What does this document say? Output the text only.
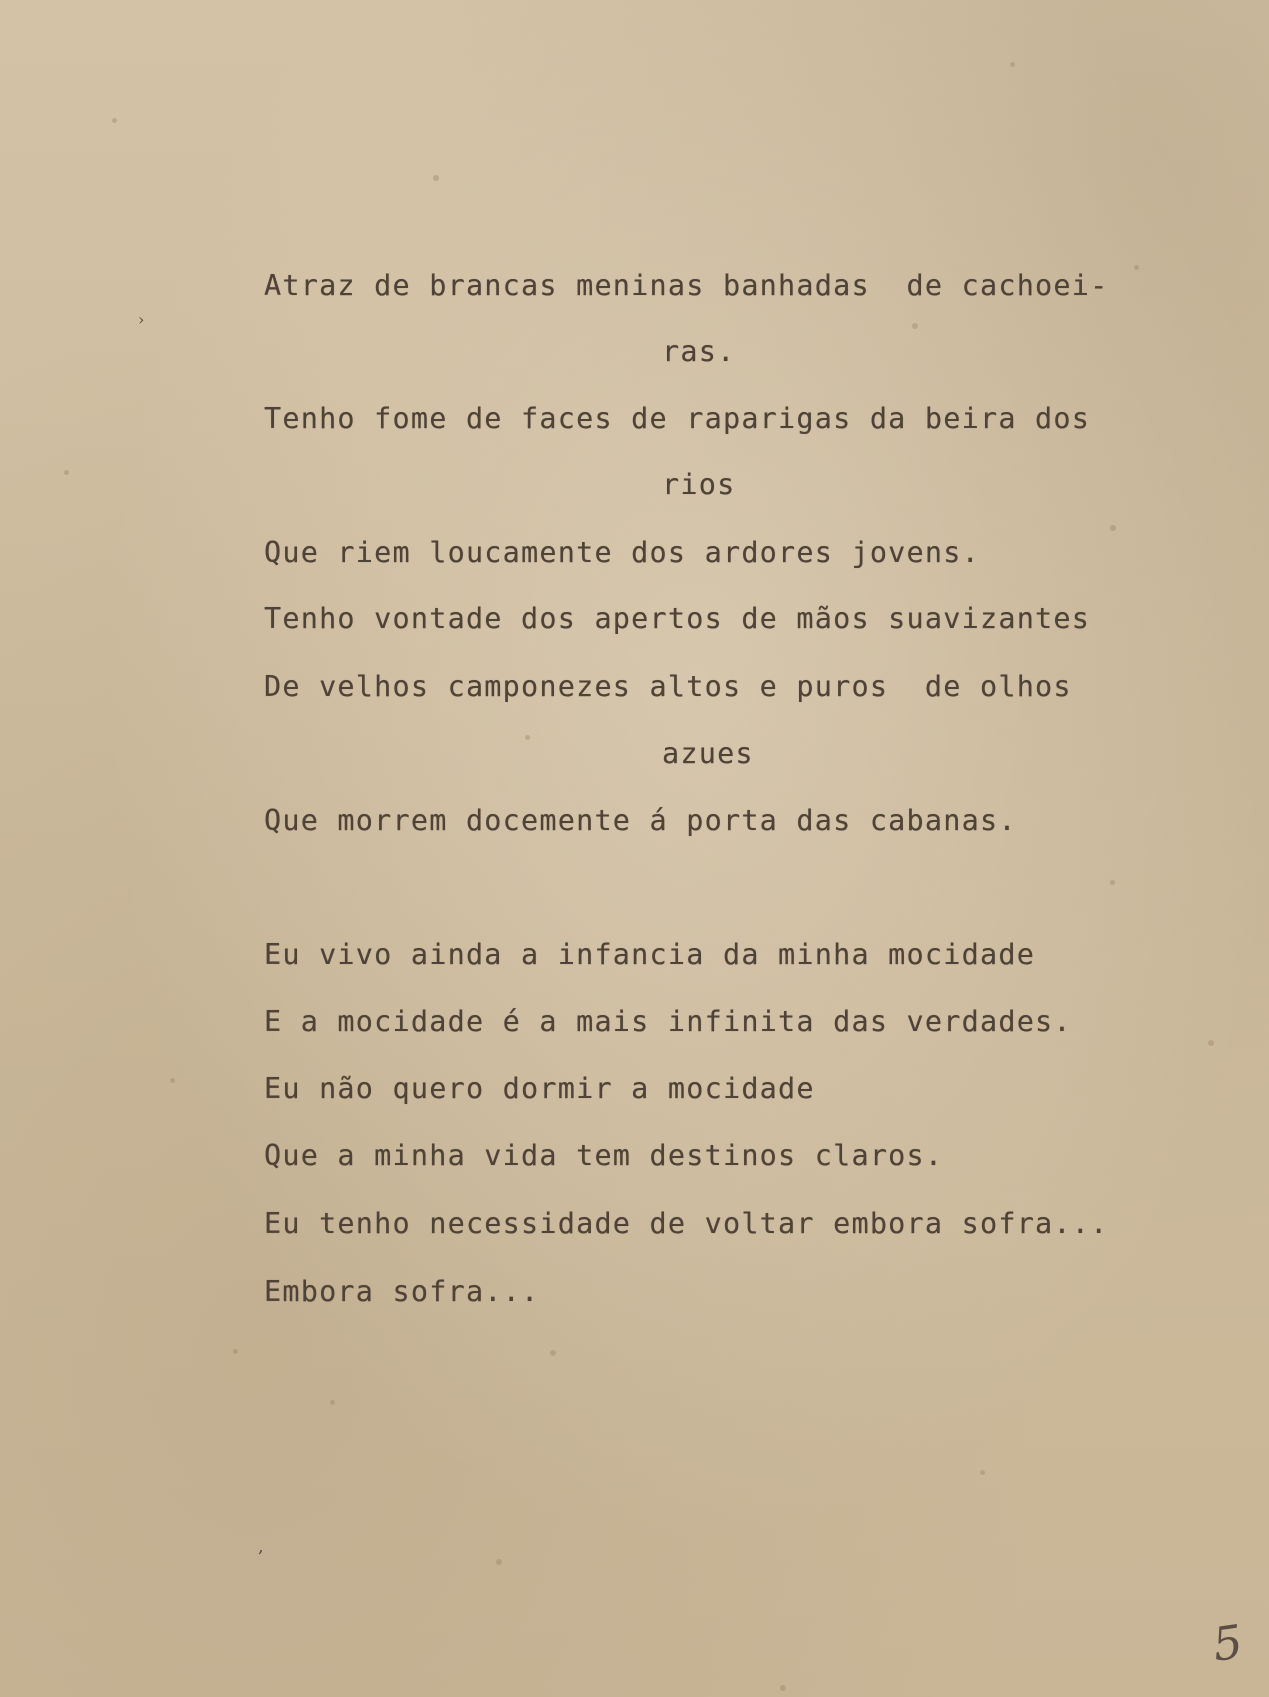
›
,
Atraz de brancas meninas banhadas  de cachoei-
ras.
Tenho fome de faces de raparigas da beira dos
rios
Que riem loucamente dos ardores jovens.
Tenho vontade dos apertos de mãos suavizantes
De velhos camponezes altos e puros  de olhos
azues
Que morrem docemente á porta das cabanas.
Eu vivo ainda a infancia da minha mocidade
E a mocidade é a mais infinita das verdades.
Eu não quero dormir a mocidade
Que a minha vida tem destinos claros.
Eu tenho necessidade de voltar embora sofra...
Embora sofra...
5
